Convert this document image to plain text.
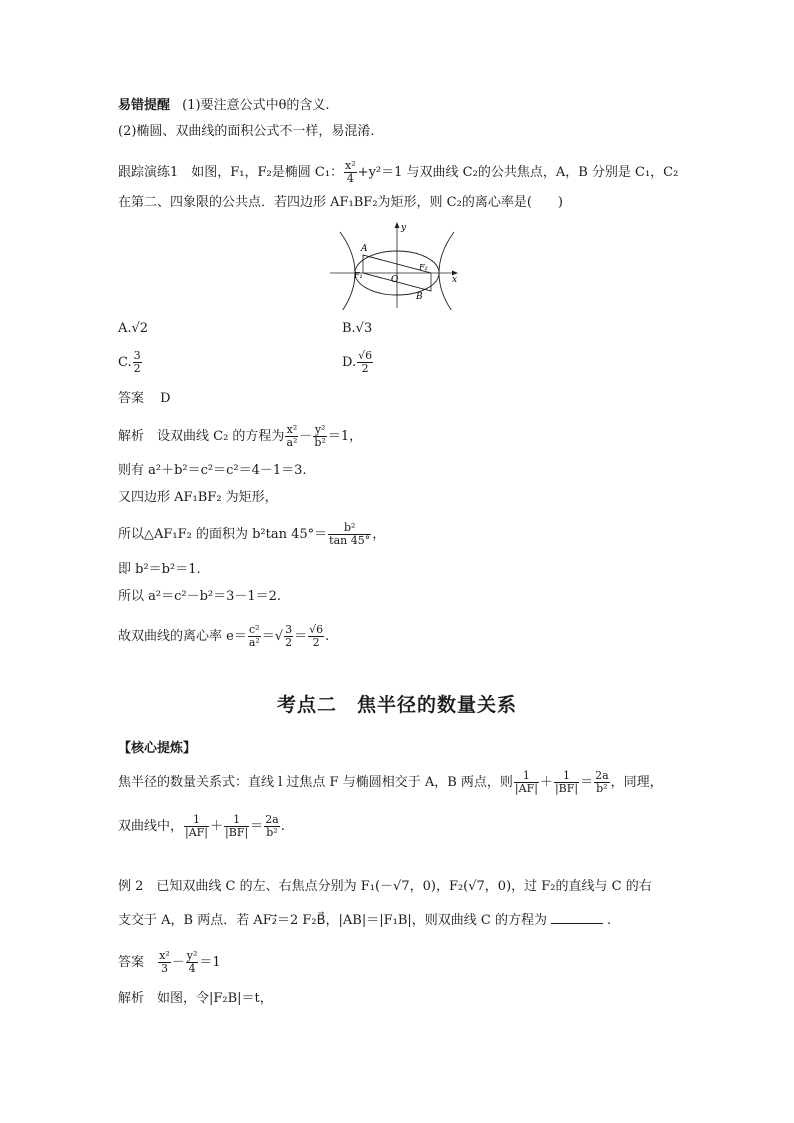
易错提醒 (1)要注意公式中θ的含义.
(2)椭圆、双曲线的面积公式不一样，易混淆.
跟踪演练1　如图，F₁，F₂是椭圆 C₁： $\frac{\text{x²}}{4} +y^2=1$ 与双曲线 C₂的公共焦点，A，B 分别是 C₁，C₂
在第二、四象限的公共点．若四边形 AF₁BF₂为矩形，则 C₂的离心率是(　　)
y
x
A
B
O
F₁
F₂
A.√2	B.√3
C. $\frac{3}{2}$	D. $\frac{√6}{2}$
答案 D
解析　设双曲线 C₂ 的方程为 $\frac{\text{x²}}{\text{a²}} - \frac{\text{y²}}{\text{b²}} =1$，
则有 a²＋b²＝c²＝c²＝4－1＝3.
又四边形 AF₁BF₂ 为矩形，
所以△AF₁F₂ 的面积为 b²tan $45^\circ= \frac{\text{b²}}{\tan 45^\circ}$ ，
即 b²＝b²＝1.
所以 a²＝c²－b²＝3－1＝2.
故双曲线的离心率 $e= \frac{\text{c²}}{\text{a²}}$ ＝√ $\frac{3}{2} = \frac{√6}{2}$ .
考点二　焦半径的数量关系
【核心提炼】
焦半径的数量关系式：直线 l 过焦点 F 与椭圆相交于 A，B 两点，则 $\frac{1}{|AF|} + \frac{1}{|BF|} = \frac{2a}{\text{b²}}$ ，同理，
双曲线中， $\frac{1}{|AF|} + \frac{1}{|BF|} = \frac{2a}{\text{b²}}$ .
例 2　已知双曲线 C 的左、右焦点分别为 F₁(－√7，0)，F₂(√7，0)，过 F₂的直线与 C 的右
支交于 A，B 两点．若 AF₂⃗＝2 F₂B⃗，|AB|＝|F₁B|，则双曲线 C 的方程为	.
答案 $\frac{\text{x²}}{3} - \frac{\text{y²}}{4} =1$
解析　如图，令|F₂B|＝t，
